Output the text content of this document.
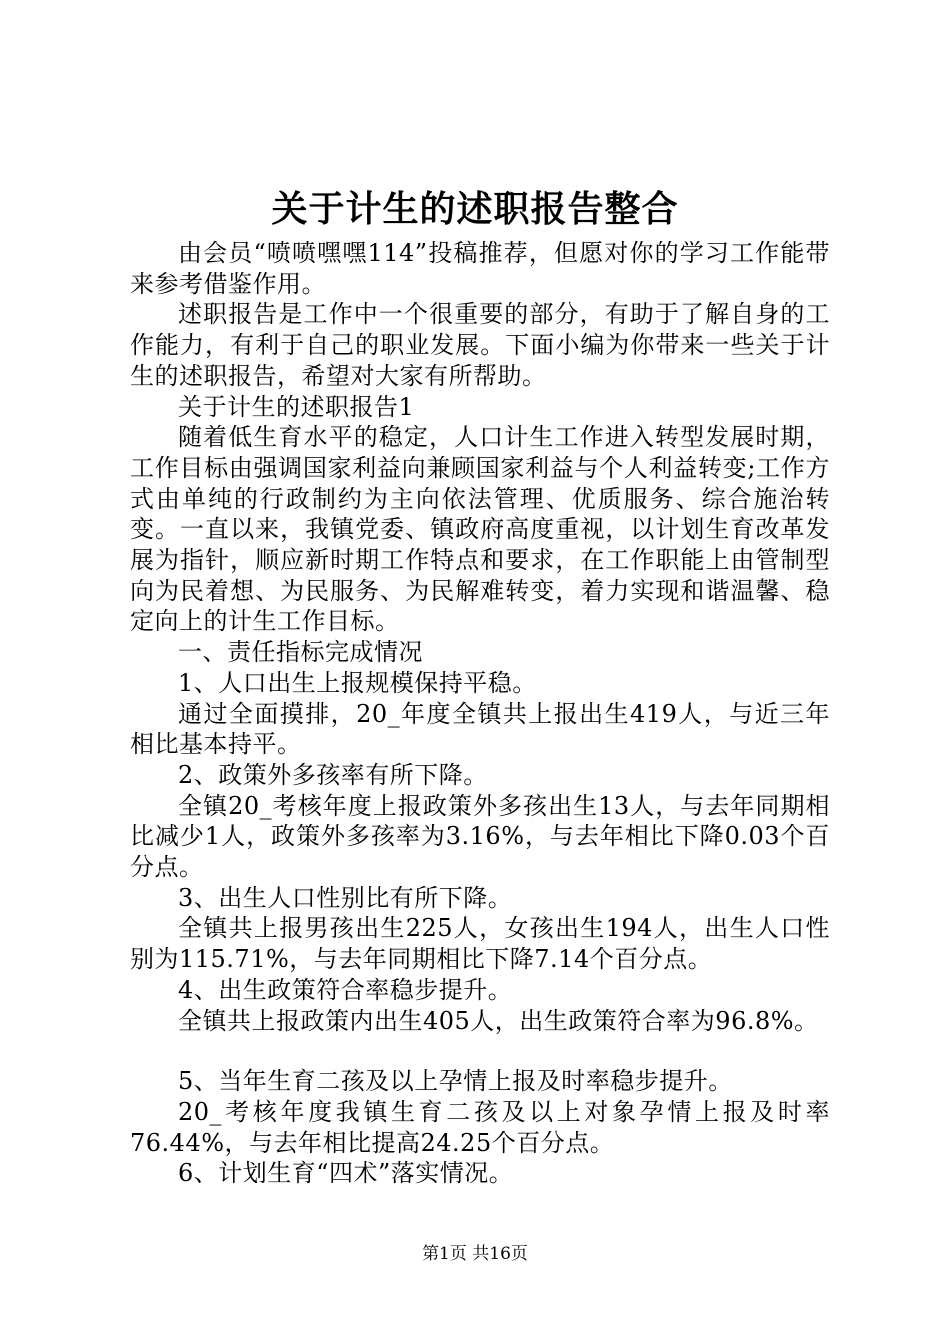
关于计生的述职报告整合

由会员“喷喷嘿嘿114”投稿推荐，但愿对你的学习工作能带来参考借鉴作用。

述职报告是工作中一个很重要的部分，有助于了解自身的工作能力，有利于自己的职业发展。下面小编为你带来一些关于计生的述职报告，希望对大家有所帮助。

关于计生的述职报告1

随着低生育水平的稳定，人口计生工作进入转型发展时期，工作目标由强调国家利益向兼顾国家利益与个人利益转变;工作方式由单纯的行政制约为主向依法管理、优质服务、综合施治转变。一直以来，我镇党委、镇政府高度重视，以计划生育改革发展为指针，顺应新时期工作特点和要求，在工作职能上由管制型向为民着想、为民服务、为民解难转变，着力实现和谐温馨、稳定向上的计生工作目标。

一、责任指标完成情况

1、人口出生上报规模保持平稳。

通过全面摸排，20_年度全镇共上报出生419人，与近三年相比基本持平。

2、政策外多孩率有所下降。

全镇20_考核年度上报政策外多孩出生13人，与去年同期相比减少1人，政策外多孩率为3.16%，与去年相比下降0.03个百分点。

3、出生人口性别比有所下降。

全镇共上报男孩出生225人，女孩出生194人，出生人口性别为115.71%，与去年同期相比下降7.14个百分点。

4、出生政策符合率稳步提升。

全镇共上报政策内出生405人，出生政策符合率为96.8%。

5、当年生育二孩及以上孕情上报及时率稳步提升。

20_考核年度我镇生育二孩及以上对象孕情上报及时率76.44%，与去年相比提高24.25个百分点。

6、计划生育“四术”落实情况。

第1页 共16页
